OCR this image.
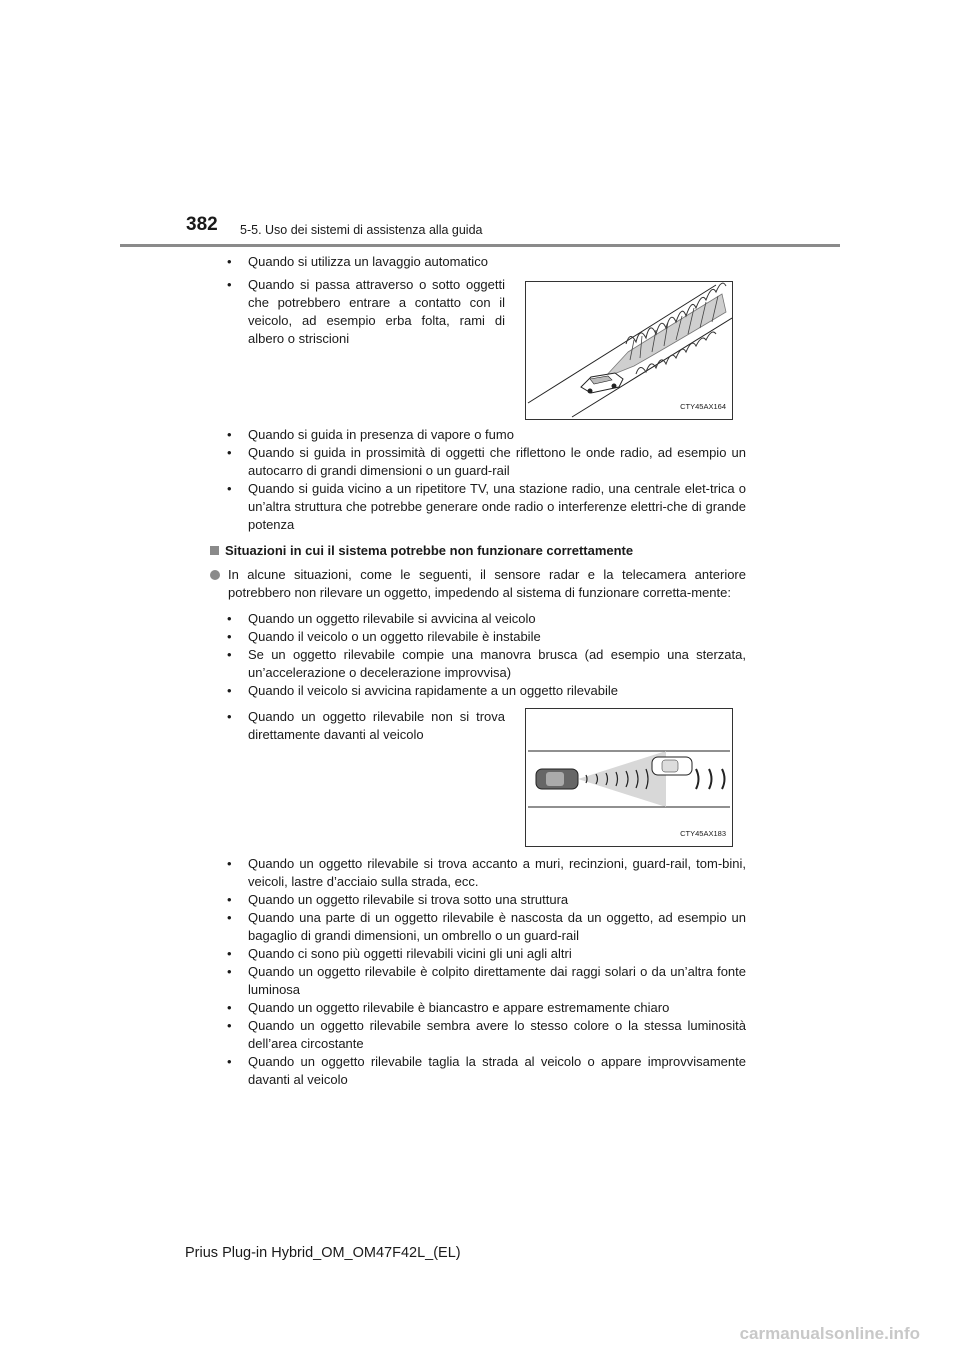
382 5-5. Uso dei sistemi di assistenza alla guida
• Quando si utilizza un lavaggio automatico
• Quando si passa attraverso o sotto oggetti che potrebbero entrare a contatto con il veicolo, ad esempio erba folta, rami di albero o striscioni
CTY45AX164
• Quando si guida in presenza di vapore o fumo
• Quando si guida in prossimità di oggetti che riflettono le onde radio, ad esempio un autocarro di grandi dimensioni o un guard-rail
• Quando si guida vicino a un ripetitore TV, una stazione radio, una centrale elet-trica o un’altra struttura che potrebbe generare onde radio o interferenze elettri-che di grande potenza
Situazioni in cui il sistema potrebbe non funzionare correttamente
In alcune situazioni, come le seguenti, il sensore radar e la telecamera anteriore potrebbero non rilevare un oggetto, impedendo al sistema di funzionare corretta-mente:
• Quando un oggetto rilevabile si avvicina al veicolo
• Quando il veicolo o un oggetto rilevabile è instabile
• Se un oggetto rilevabile compie una manovra brusca (ad esempio una sterzata, un’accelerazione o decelerazione improvvisa)
• Quando il veicolo si avvicina rapidamente a un oggetto rilevabile
• Quando un oggetto rilevabile non si trova direttamente davanti al veicolo
CTY45AX183
• Quando un oggetto rilevabile si trova accanto a muri, recinzioni, guard-rail, tom-bini, veicoli, lastre d’acciaio sulla strada, ecc.
• Quando un oggetto rilevabile si trova sotto una struttura
• Quando una parte di un oggetto rilevabile è nascosta da un oggetto, ad esempio un bagaglio di grandi dimensioni, un ombrello o un guard-rail
• Quando ci sono più oggetti rilevabili vicini gli uni agli altri
• Quando un oggetto rilevabile è colpito direttamente dai raggi solari o da un’altra fonte luminosa
• Quando un oggetto rilevabile è biancastro e appare estremamente chiaro
• Quando un oggetto rilevabile sembra avere lo stesso colore o la stessa luminosità dell’area circostante
• Quando un oggetto rilevabile taglia la strada al veicolo o appare improvvisamente davanti al veicolo
Prius Plug-in Hybrid_OM_OM47F42L_(EL)
carmanualsonline.info
